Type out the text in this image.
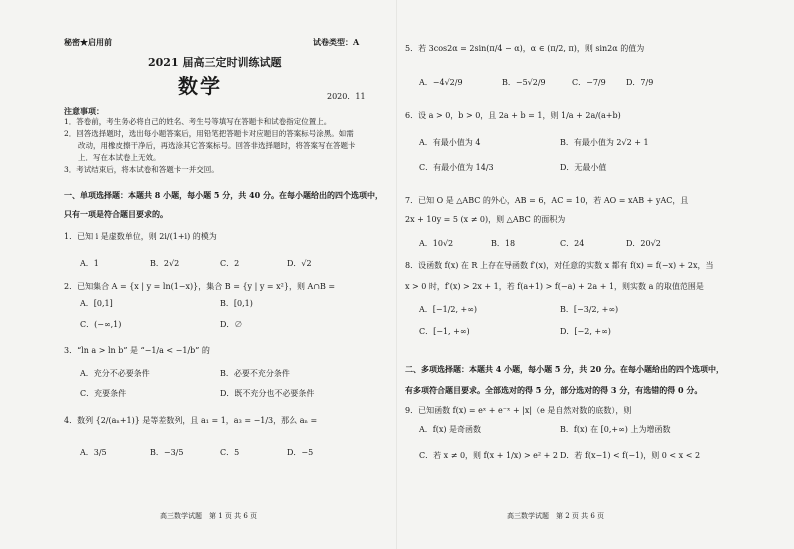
秘密★启用前	试卷类型：A
2021 届高三定时训练试题
数学	2020．11
注意事项：
1．答卷前，考生务必将自己的姓名、考生号等填写在答题卡和试卷指定位置上。
2．回答选择题时，选出每小题答案后，用铅笔把答题卡对应题目的答案标号涂黑。如需
改动，用橡皮擦干净后，再选涂其它答案标号。回答非选择题时，将答案写在答题卡
上．写在本试卷上无效。
3．考试结束后，将本试卷和答题卡一并交回。
一、单项选择题：本题共 8 小题，每小题 5 分，共 40 分。在每小题给出的四个选项中，
只有一项是符合题目要求的。
1．已知 i 是虚数单位，则 2i/(1+i) 的模为
A．1	B．2√2	C．2	D．√2
2．已知集合 A = {x | y = ln(1−x)}，集合 B = {y | y = x²}，则 A∩B =
A．[0,1]	B．[0,1)
C．(−∞,1)	D．∅
3．“ln a > ln b” 是 “−1/a < −1/b” 的
A．充分不必要条件	B．必要不充分条件
C．充要条件	D．既不充分也不必要条件
4．数列 {2/(aₙ+1)} 是等差数列，且 a₁ = 1，a₃ = −1/3，那么 aₙ =
A．3/5	B．−3/5	C．5	D．−5
高三数学试题　第 1 页 共 6 页
5．若 3cos2α = 2sin(π/4 − α)，α ∈ (π/2, π)，则 sin2α 的值为
A．−4√2/9	B．−5√2/9	C．−7/9	D．7/9
6．设 a > 0，b > 0，且 2a + b = 1，则 1/a + 2a/(a+b)
A．有最小值为 4	B．有最小值为 2√2 + 1
C．有最小值为 14/3	D．无最小值
7．已知 O 是 △ABC 的外心，AB = 6，AC = 10，若 AO = xAB + yAC，且
2x + 10y = 5 (x ≠ 0)，则 △ABC 的面积为
A．10√2	B．18	C．24	D．20√2
8．设函数 f(x) 在 R 上存在导函数 f′(x)，对任意的实数 x 都有 f(x) = f(−x) + 2x，当
x > 0 时，f′(x) > 2x + 1，若 f(a+1) > f(−a) + 2a + 1，则实数 a 的取值范围是
A．[−1/2, +∞)	B．[−3/2, +∞)
C．[−1, +∞)	D．[−2, +∞)
二、多项选择题：本题共 4 小题，每小题 5 分，共 20 分。在每小题给出的四个选项中，
有多项符合题目要求。全部选对的得 5 分，部分选对的得 3 分，有选错的得 0 分。
9．已知函数 f(x) = eˣ + e⁻ˣ + |x|（e 是自然对数的底数），则
A．f(x) 是奇函数	B．f(x) 在 [0,+∞) 上为增函数
C．若 x ≠ 0，则 f(x + 1/x) > e² + 2 D．若 f(x−1) < f(−1)，则 0 < x < 2
高三数学试题　第 2 页 共 6 页
